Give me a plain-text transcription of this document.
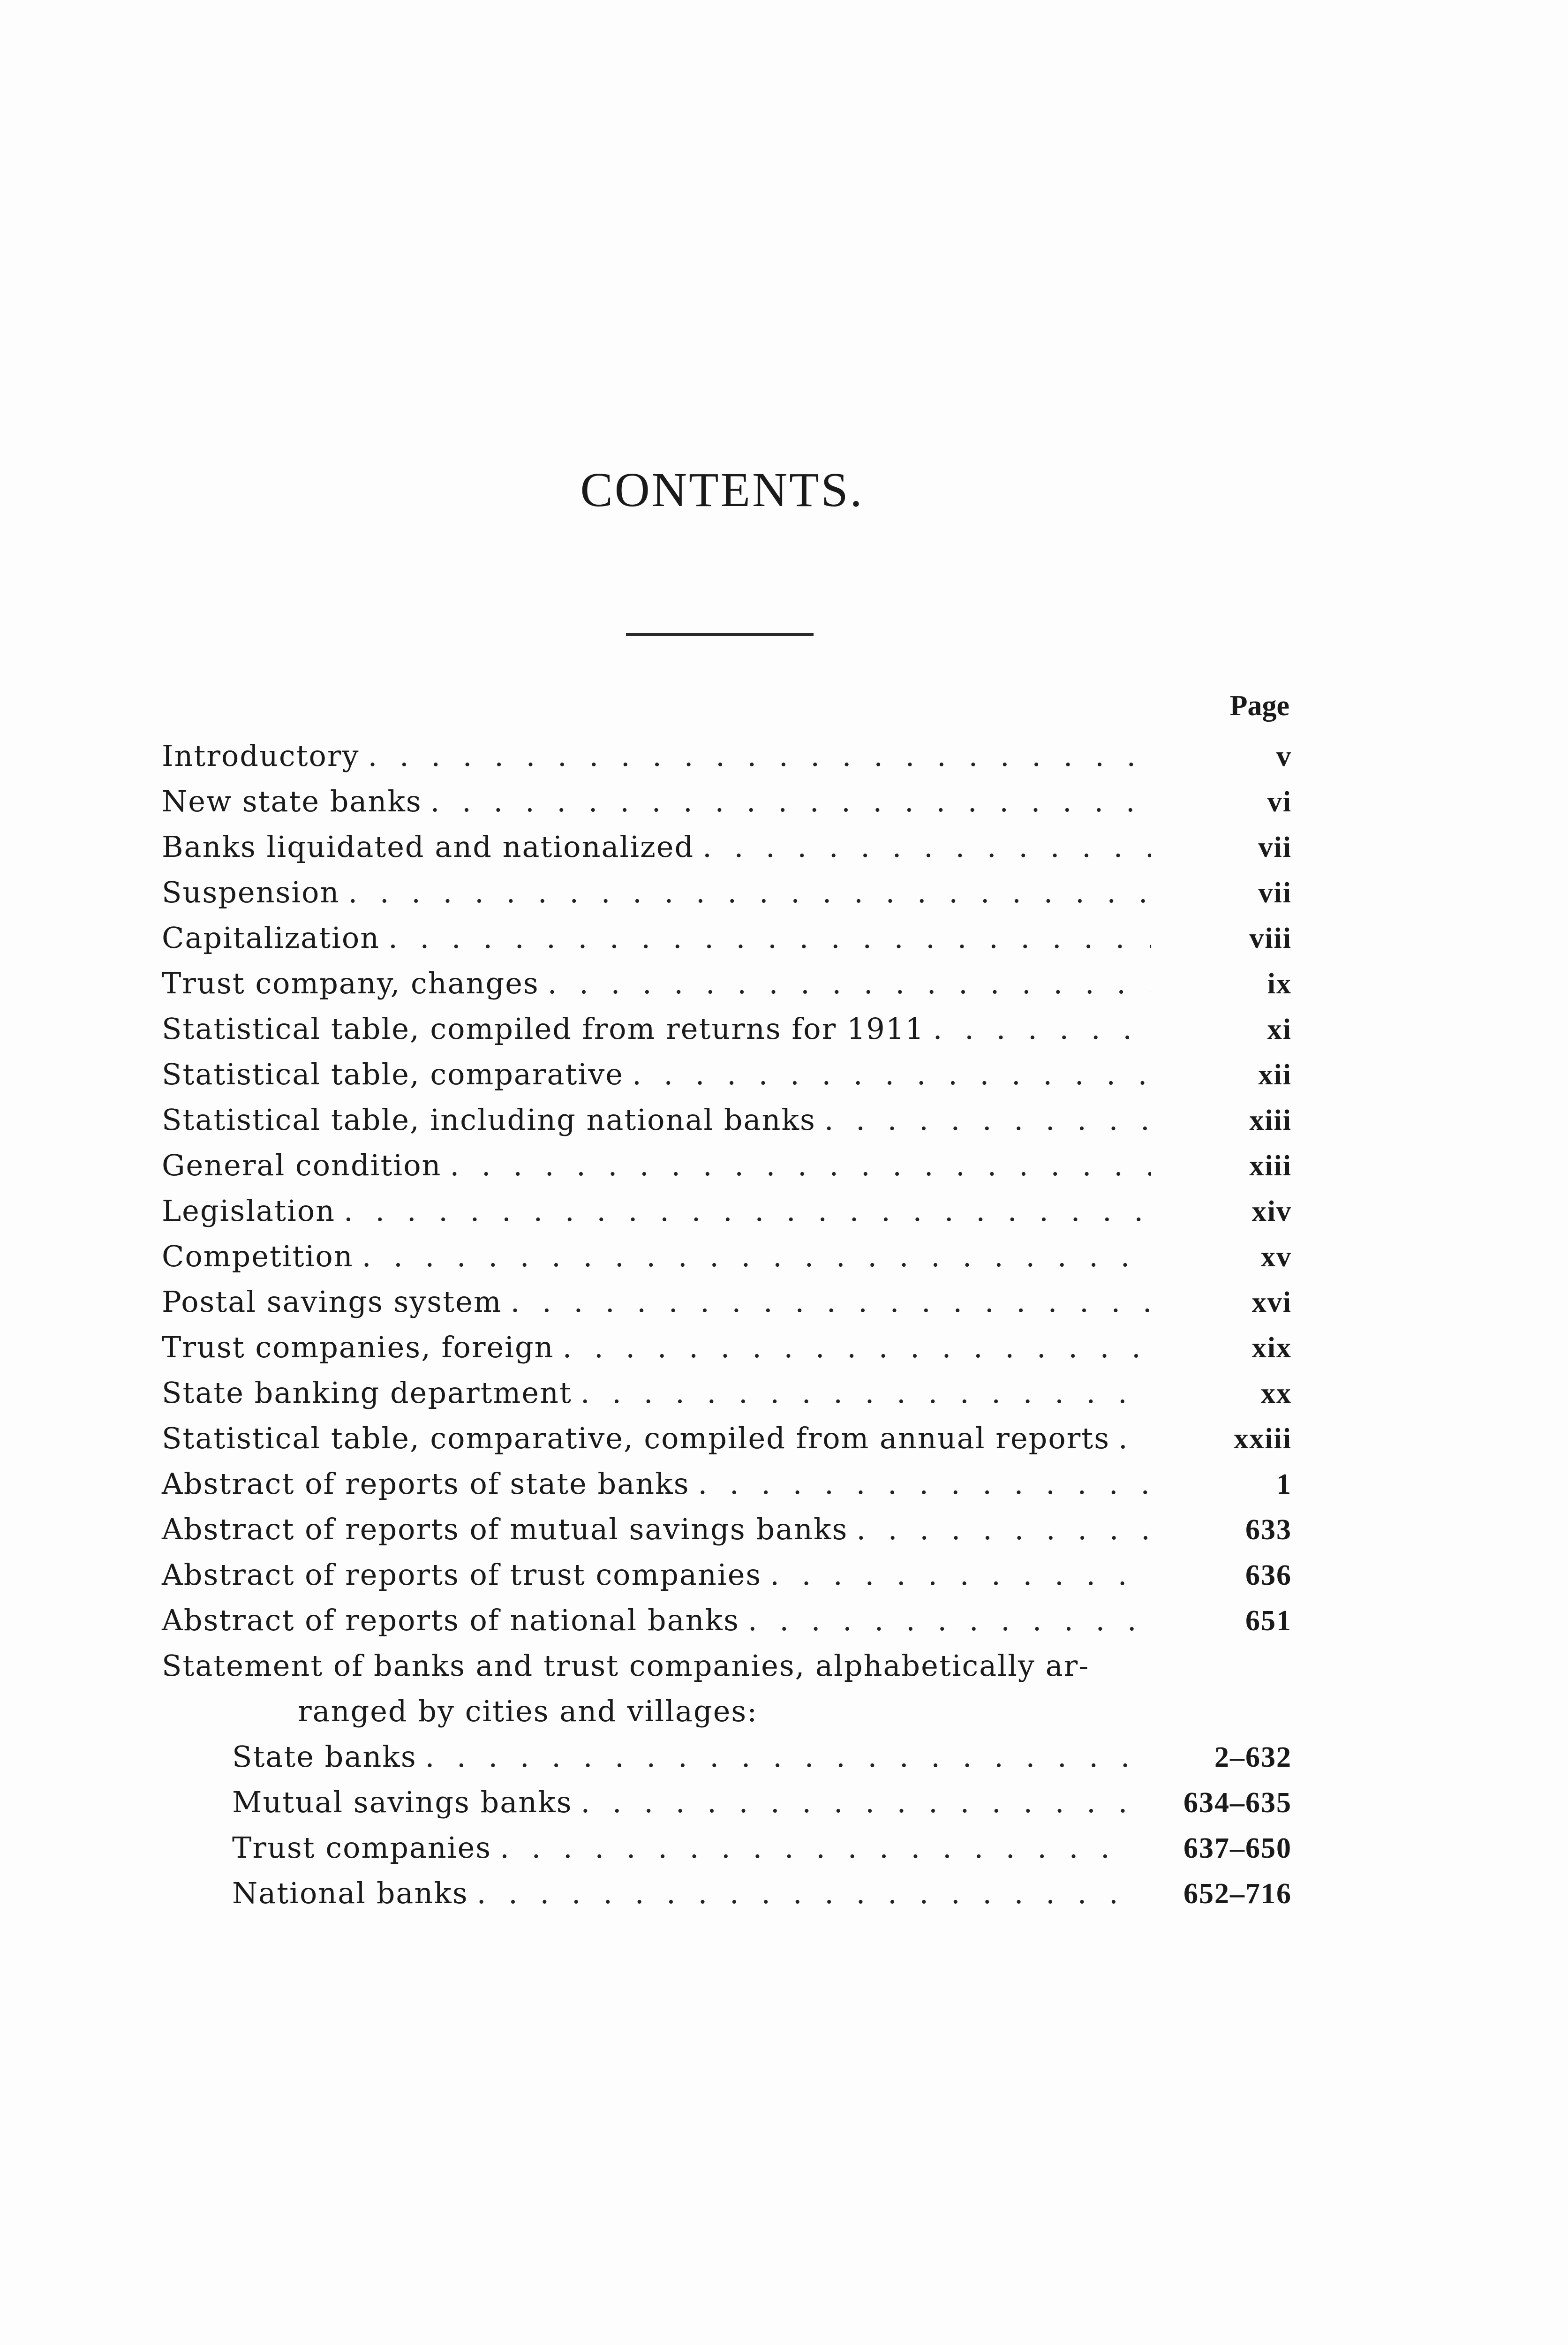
CONTENTS.
Page
Introductory . . .	v
New state banks . . .	vi
Banks liquidated and nationalized . . .	vii
Suspension . . .	vii
Capitalization . . .	viii
Trust company, changes . . .	ix
Statistical table, compiled from returns for 1911 . . .	xi
Statistical table, comparative . . .	xii
Statistical table, including national banks . . .	xiii
General condition . . .	xiii
Legislation . . .	xiv
Competition . . .	xv
Postal savings system . . .	xvi
Trust companies, foreign . . .	xix
State banking department . . .	xx
Statistical table, comparative, compiled from annual reports . . .	xxiii
Abstract of reports of state banks . . .	1
Abstract of reports of mutual savings banks . . .	633
Abstract of reports of trust companies . . .	636
Abstract of reports of national banks . . .	651
Statement of banks and trust companies, alphabetically ar-
ranged by cities and villages:
State banks . . .	2–632
Mutual savings banks . . .	634–635
Trust companies . . .	637–650
National banks . . .	652–716
